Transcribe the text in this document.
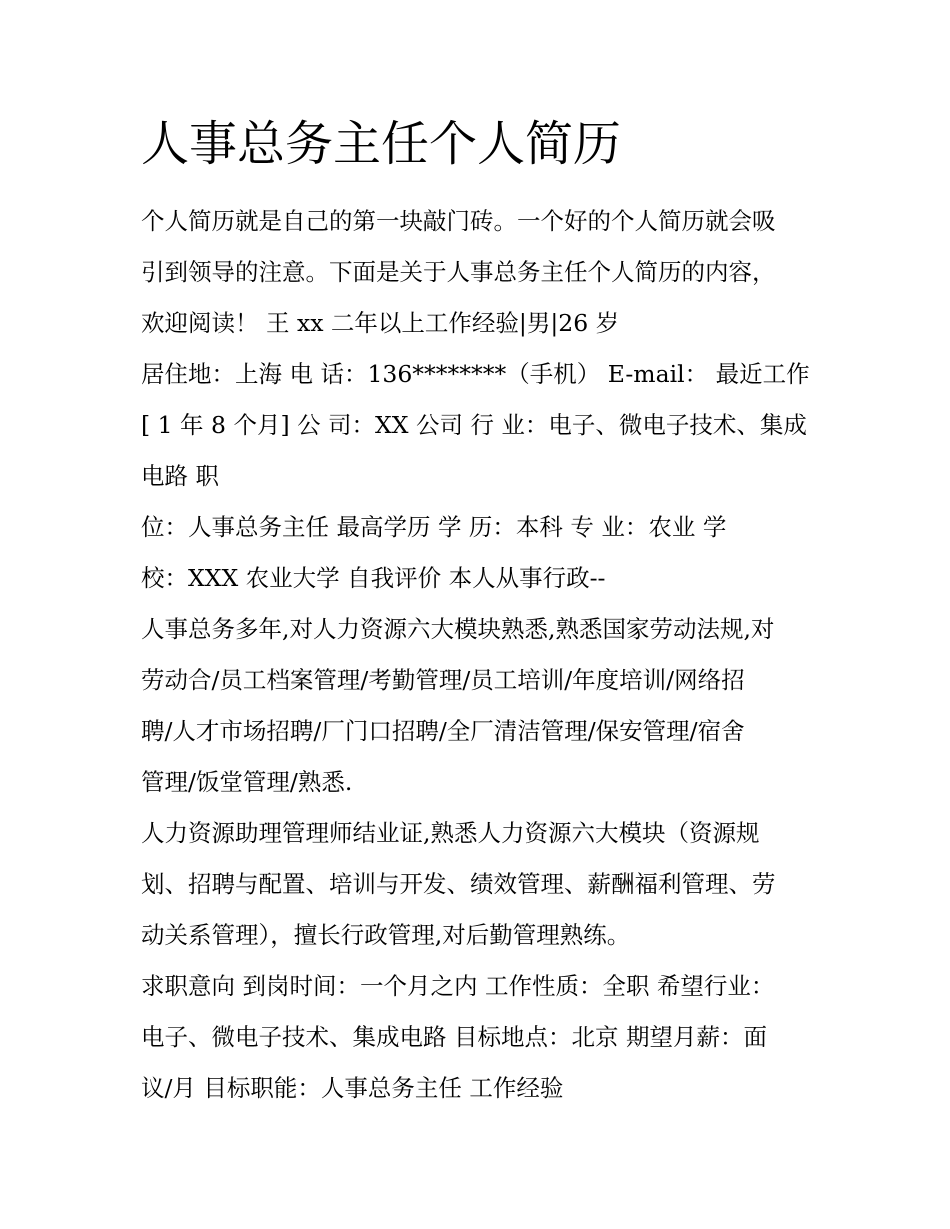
人事总务主任个人简历
个人简历就是自己的第一块敲门砖。一个好的个人简历就会吸
引到领导的注意。下面是关于人事总务主任个人简历的内容，
欢迎阅读！ 王 xx 二年以上工作经验|男|26 岁
居住地：上海 电 话：136********（手机） E-mail： 最近工作
[ 1 年 8 个月] 公 司：XX 公司 行 业：电子、微电子技术、集成
电路 职
位：人事总务主任 最高学历 学 历：本科 专 业：农业 学
校：XXX 农业大学 自我评价 本人从事行政--
人事总务多年,对人力资源六大模块熟悉,熟悉国家劳动法规,对
劳动合/员工档案管理/考勤管理/员工培训/年度培训/网络招
聘/人才市场招聘/厂门口招聘/全厂清洁管理/保安管理/宿舍
管理/饭堂管理/熟悉.
人力资源助理管理师结业证,熟悉人力资源六大模块（资源规
划、招聘与配置、培训与开发、绩效管理、薪酬福利管理、劳
动关系管理），擅长行政管理,对后勤管理熟练。
求职意向 到岗时间：一个月之内 工作性质：全职 希望行业：
电子、微电子技术、集成电路 目标地点：北京 期望月薪：面
议/月 目标职能：人事总务主任 工作经验
